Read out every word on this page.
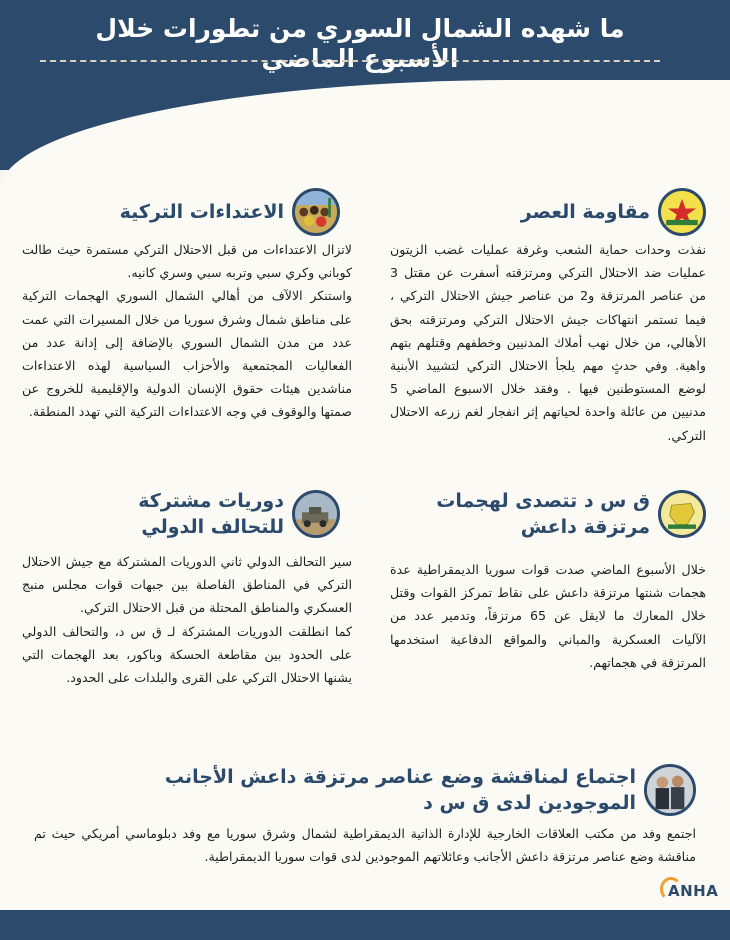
ما شهده الشمال السوري من تطورات خلال الأسبوع الماضي
مقاومة العصر

نفذت وحدات حماية الشعب وغرفة عمليات غضب الزيتون عمليات ضد الاحتلال التركي ومرتزقته أسفرت عن مقتل 3 من عناصر المرتزقة و2 من عناصر جيش الاحتلال التركي ، فيما تستمر انتهاكات جيش الاحتلال التركي ومرتزقته بحق الأهالي، من خلال نهب أملاك المدنيين وخطفهم وقتلهم بتهم واهية. وفي حدثٍ مهم يلجأ الاحتلال التركي لتشييد الأبنية لوضع المستوطنين فيها . وفقد خلال الاسبوع الماضي 5 مدنيين من عائلة واحدة لحياتهم إثر انفجار لغم زرعه الاحتلال التركي.

الاعتداءات التركية

لاتزال الاعتداءات من قبل الاحتلال التركي مستمرة حيث طالت كوباني وكري سبي وتربه سبي وسري كانيه.

واستنكر الالآف من أهالي الشمال السوري الهجمات التركية على مناطق شمال وشرق سوريا من خلال المسيرات التي عمت عدد من مدن الشمال السوري بالإضافة إلى إدانة عدد من الفعاليات المجتمعية والأحزاب السياسية لهذه الاعتداءات مناشدين هيئات حقوق الإنسان الدولية والإقليمية للخروج عن صمتها والوقوف في وجه الاعتداءات التركية التي تهدد المنطقة.

ق س د تتصدى لهجمات
مرتزقة داعش

خلال الأسبوع الماضي صدت قوات سوريا الديمقراطية عدة هجمات شنتها مرتزقة داعش على نقاط تمركز القوات وقتل خلال المعارك ما لايقل عن 65 مرتزقاً، وتدمير عدد من الآليات العسكرية والمباني والمواقع الدفاعية استخدمها المرتزقة في هجماتهم.

دوريات مشتركة
للتحالف الدولي

سير التحالف الدولي ثاني الدوريات المشتركة مع جيش الاحتلال التركي في المناطق الفاصلة بين جبهات قوات مجلس منبج العسكري والمناطق المحتلة من قبل الاحتلال التركي.

كما انطلقت الدوريات المشتركة لـ ق س د، والتحالف الدولي على الحدود بين مقاطعة الحسكة وباكور، بعد الهجمات التي يشنها الاحتلال التركي على القرى والبلدات على الحدود.

اجتماع لمناقشة وضع عناصر مرتزقة داعش الأجانب
الموجودين لدى ق س د

اجتمع وفد من مكتب العلاقات الخارجية للإدارة الذاتية الديمقراطية لشمال وشرق سوريا مع وفد دبلوماسي أمريكي حيث تم مناقشة وضع عناصر مرتزقة داعش الأجانب وعائلاتهم الموجودين لدى قوات سوريا الديمقراطية.

ANHA
